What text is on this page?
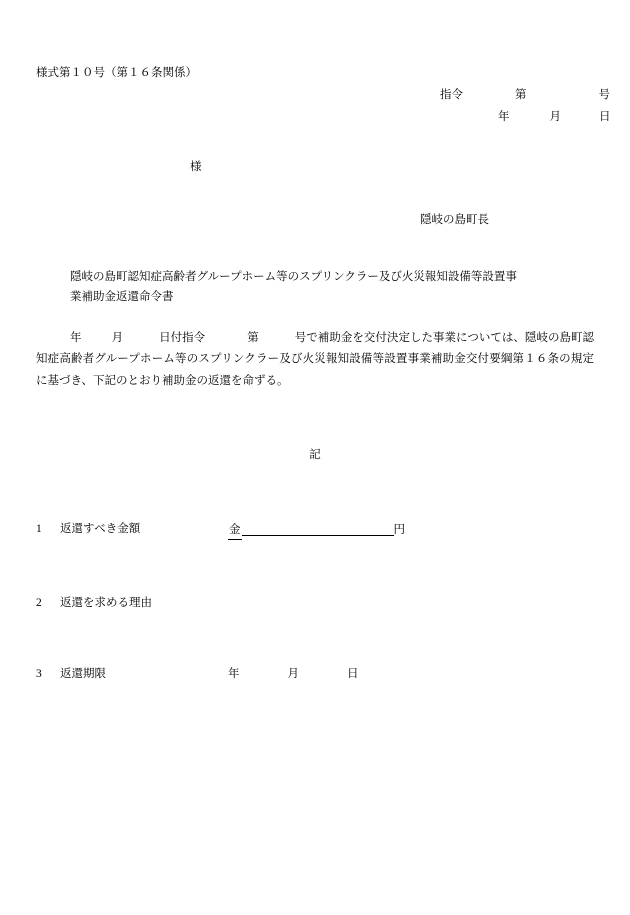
様式第１０号（第１６条関係）
指令	第	号
年	月	日
様
隠岐の島町長
隠岐の島町認知症高齢者グループホーム等のスプリンクラー及び火災報知設備等設置事
業補助金返還命令書
年	月	日付指令	第	号で補助金を交付決定した事業については、隠岐の島町認知症高齢者グループホーム等のスプリンクラー及び火災報知設備等設置事業補助金交付要綱第１６条の規定に基づき、下記のとおり補助金の返還を命ずる。
記
1 返還すべき金額	金	円
2 返還を求める理由
3 返還期限	年	月	日
